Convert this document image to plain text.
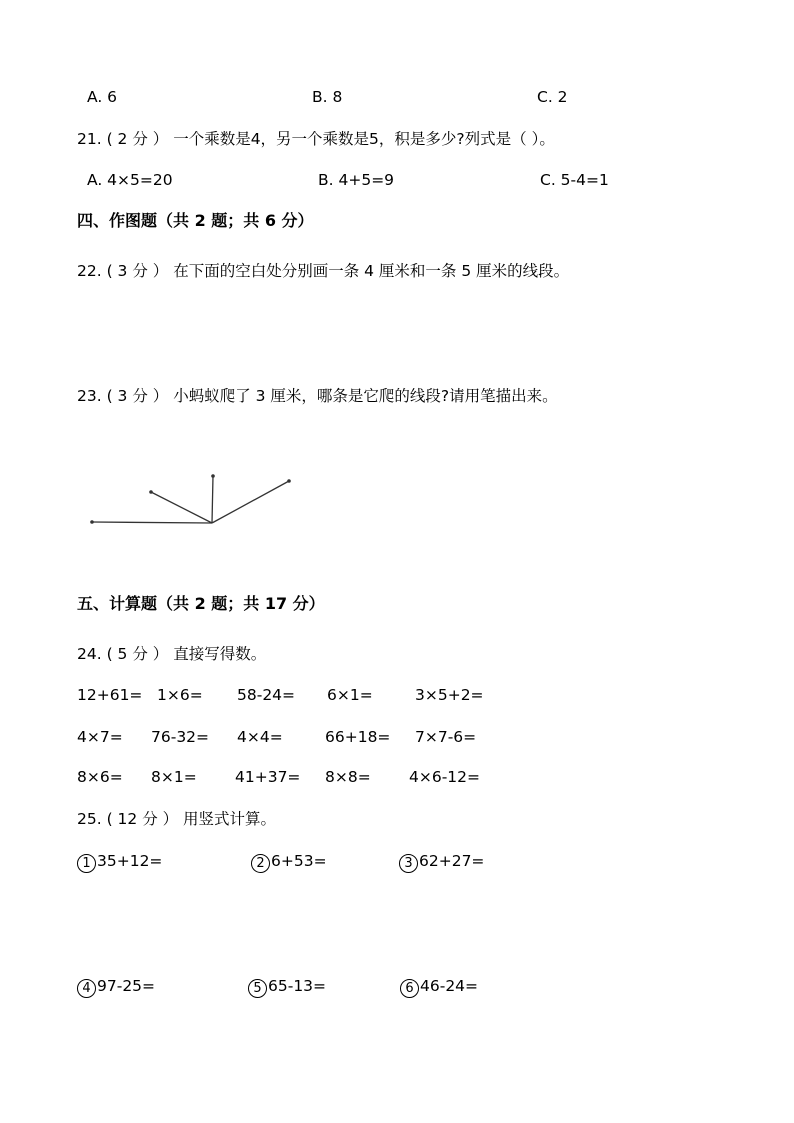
A. 6	B. 8	C. 2
21. ( 2 分 ） 一个乘数是4，另一个乘数是5，积是多少?列式是（ ）。
A. 4×5=20	B. 4+5=9	C. 5-4=1
四、作图题（共 2 题；共 6 分）
22. ( 3 分 ） 在下面的空白处分别画一条 4 厘米和一条 5 厘米的线段。
23. ( 3 分 ） 小蚂蚁爬了 3 厘米，哪条是它爬的线段?请用笔描出来。
五、计算题（共 2 题；共 17 分）
24. ( 5 分 ） 直接写得数。
12+61= 1×6= 58-24= 6×1=	3×5+2=
4×7= 76-32= 4×4=	66+18= 7×7-6=
8×6= 8×1= 41+37= 8×8= 4×6-12=
25. ( 12 分 ） 用竖式计算。
1 35+12=	2 6+53=	3 62+27=
4 97-25=	5 65-13=	6 46-24=
